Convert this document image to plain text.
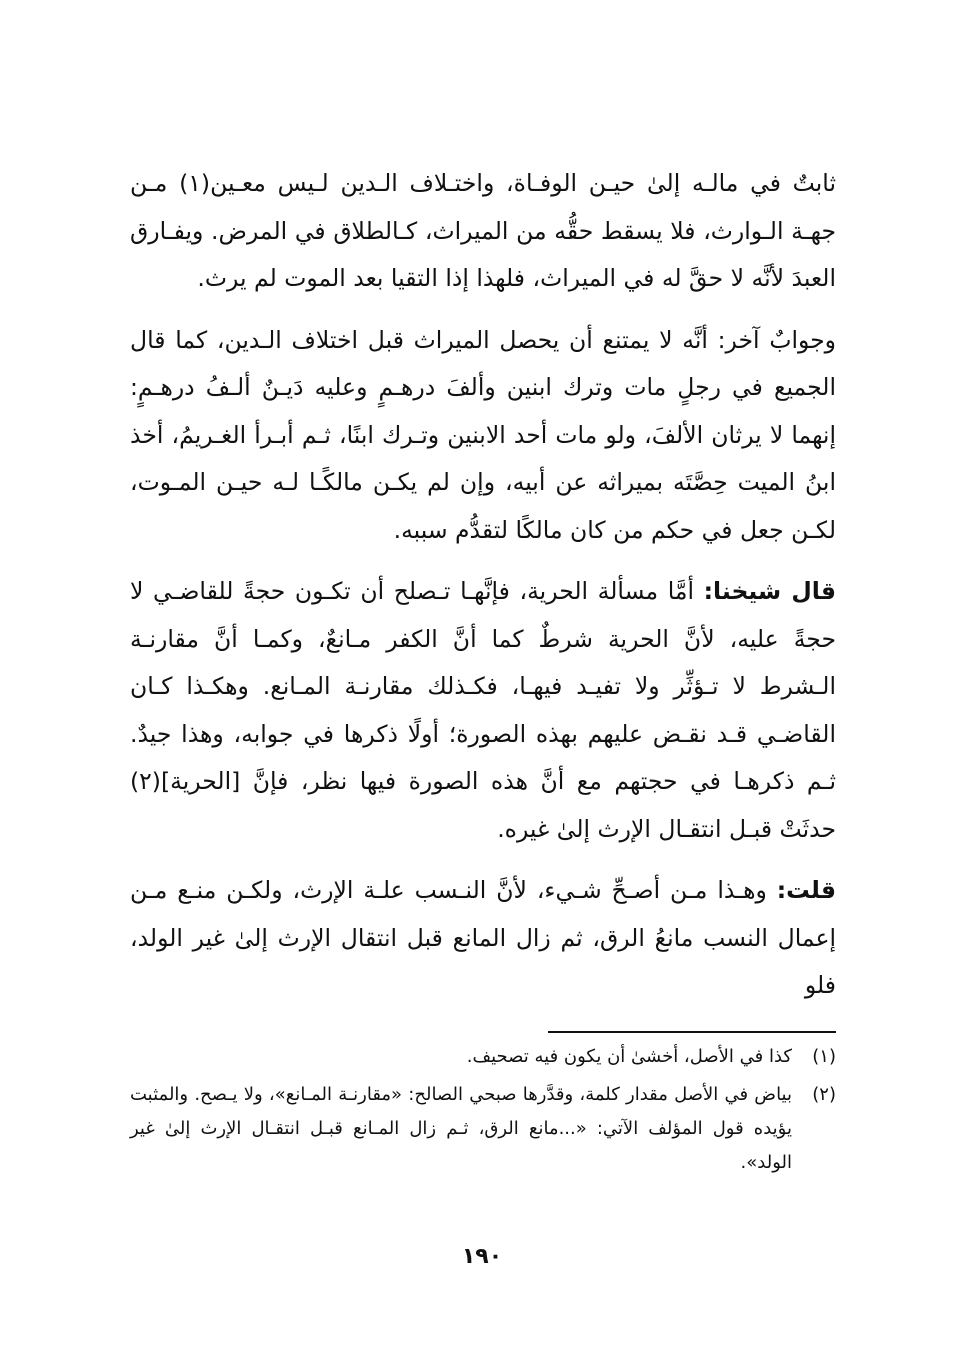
ثابتٌ في مالـه إلىٰ حيـن الوفـاة، واختـلاف الـدين لـيس معـين(١) مـن جهـة الـوارث، فلا يسقط حقُّه من الميراث، كـالطلاق في المرض. ويفـارق العبدَ لأنَّه لا حقَّ له في الميراث، فلهذا إذا التقيا بعد الموت لم يرث.

وجوابٌ آخر: أنَّه لا يمتنع أن يحصل الميراث قبل اختلاف الـدين، كما قال الجميع في رجلٍ مات وترك ابنين وألفَ درهـمٍ وعليه دَيـنٌ ألـفُ درهـمٍ: إنهما لا يرثان الألفَ، ولو مات أحد الابنين وتـرك ابنًا، ثـم أبـرأ الغـريمُ، أخذ ابنُ الميت حِصَّتَه بميراثه عن أبيه، وإن لم يكـن مالكًـا لـه حيـن المـوت، لكـن جعل في حكم من كان مالكًا لتقدُّم سببه.

قال شيخنا: أمَّا مسألة الحرية، فإنَّهـا تـصلح أن تكـون حجةً للقاضـي لا حجةً عليه، لأنَّ الحرية شرطٌ كما أنَّ الكفر مـانعٌ، وكمـا أنَّ مقارنـة الـشرط لا تـؤثِّر ولا تفيـد فيهـا، فكـذلك مقارنـة المـانع. وهكـذا كـان القاضـي قـد نقـض عليهم بهذه الصورة؛ أولًا ذكرها في جوابه، وهذا جيدٌ. ثـم ذكرهـا في حجتهم مع أنَّ هذه الصورة فيها نظر، فإنَّ [الحرية](٢) حدثَتْ قبـل انتقـال الإرث إلىٰ غيره.

قلت: وهـذا مـن أصـحِّ شـيء، لأنَّ النـسب علـة الإرث، ولكـن منـع مـن إعمال النسب مانعُ الرق، ثم زال المانع قبل انتقال الإرث إلىٰ غير الولد، فلو

(١)
كذا في الأصل، أخشىٰ أن يكون فيه تصحيف.

(٢)
بياض في الأصل مقدار كلمة، وقدَّرها صبحي الصالح: «مقارنـة المـانع»، ولا يـصح. والمثبت يؤيده قول المؤلف الآتي: «...مانع الرق، ثـم زال المـانع قبـل انتقـال الإرث إلىٰ غير الولد».

١٩٠
